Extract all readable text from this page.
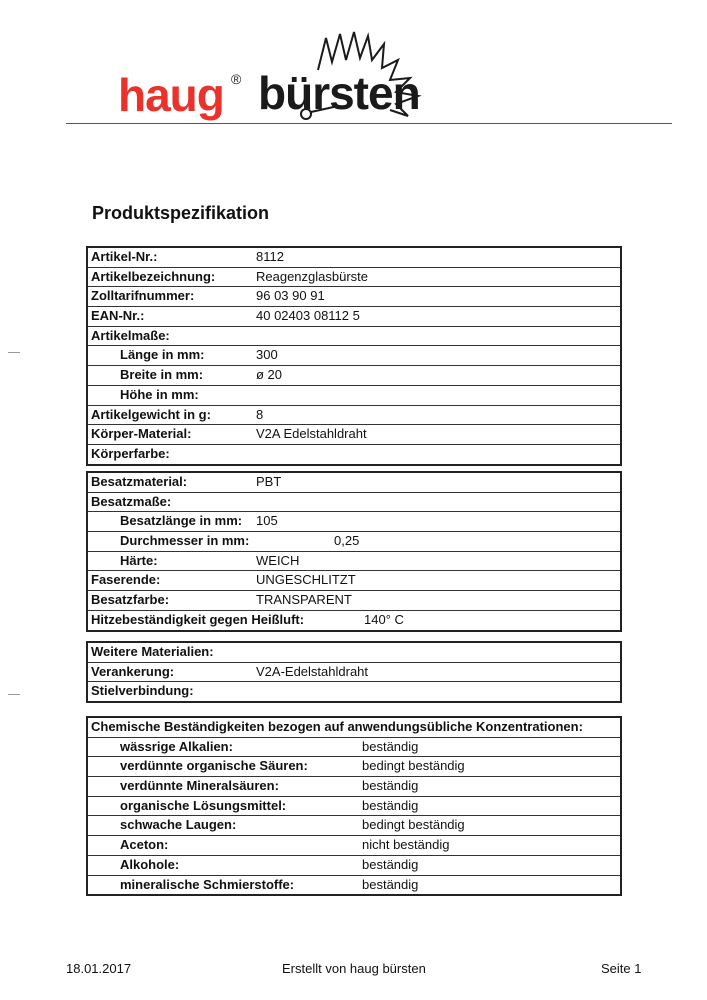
haug ® bürsten
Produktspezifikation
Artikel-Nr.:	8112
Artikelbezeichnung:	Reagenzglasbürste
Zolltarifnummer:	96 03 90 91
EAN-Nr.:	40 02403 08112 5
Artikelmaße:
Länge in mm:	300
Breite in mm:	ø 20
Höhe in mm:
Artikelgewicht in g:	8
Körper-Material:	V2A Edelstahldraht
Körperfarbe:
Besatzmaterial:	PBT
Besatzmaße:
Besatzlänge in mm: 105
Durchmesser in mm:	0,25
Härte:	WEICH
Faserende:	UNGESCHLITZT
Besatzfarbe:	TRANSPARENT
Hitzebeständigkeit gegen Heißluft:	140° C
Weitere Materialien:
Verankerung:	V2A-Edelstahldraht
Stielverbindung:
Chemische Beständigkeiten bezogen auf anwendungsübliche Konzentrationen:
wässrige Alkalien:	beständig
verdünnte organische Säuren:	bedingt beständig
verdünnte Mineralsäuren:	beständig
organische Lösungsmittel:	beständig
schwache Laugen:	bedingt beständig
Aceton:	nicht beständig
Alkohole:	beständig
mineralische Schmierstoffe:	beständig
18.01.2017	Erstellt von haug bürsten	Seite 1
